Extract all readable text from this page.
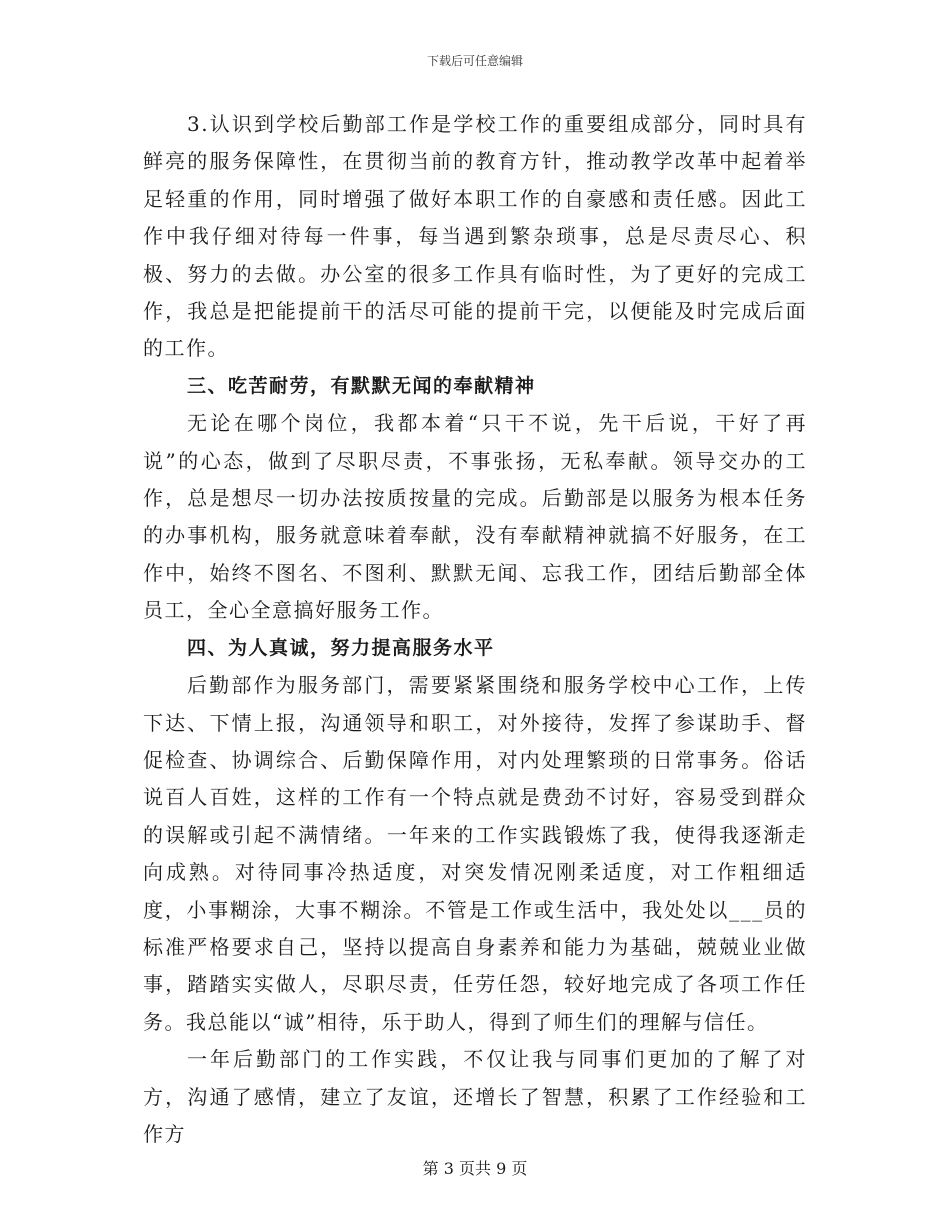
下载后可任意编辑

3.认识到学校后勤部工作是学校工作的重要组成部分，同时具有鲜亮的服务保障性，在贯彻当前的教育方针，推动教学改革中起着举足轻重的作用，同时增强了做好本职工作的自豪感和责任感。因此工作中我仔细对待每一件事，每当遇到繁杂琐事，总是尽责尽心、积极、努力的去做。办公室的很多工作具有临时性，为了更好的完成工作，我总是把能提前干的活尽可能的提前干完，以便能及时完成后面的工作。

三、吃苦耐劳，有默默无闻的奉献精神

无论在哪个岗位，我都本着“只干不说，先干后说，干好了再说”的心态，做到了尽职尽责，不事张扬，无私奉献。领导交办的工作，总是想尽一切办法按质按量的完成。后勤部是以服务为根本任务的办事机构，服务就意味着奉献，没有奉献精神就搞不好服务，在工作中，始终不图名、不图利、默默无闻、忘我工作，团结后勤部全体员工，全心全意搞好服务工作。

四、为人真诚，努力提高服务水平

后勤部作为服务部门，需要紧紧围绕和服务学校中心工作，上传下达、下情上报，沟通领导和职工，对外接待，发挥了参谋助手、督促检查、协调综合、后勤保障作用，对内处理繁琐的日常事务。俗话说百人百姓，这样的工作有一个特点就是费劲不讨好，容易受到群众的误解或引起不满情绪。一年来的工作实践锻炼了我，使得我逐渐走向成熟。对待同事冷热适度，对突发情况刚柔适度，对工作粗细适度，小事糊涂，大事不糊涂。不管是工作或生活中，我处处以___员的标准严格要求自己，坚持以提高自身素养和能力为基础，兢兢业业做事，踏踏实实做人，尽职尽责，任劳任怨，较好地完成了各项工作任务。我总能以“诚”相待，乐于助人，得到了师生们的理解与信任。

一年后勤部门的工作实践，不仅让我与同事们更加的了解了对方，沟通了感情，建立了友谊，还增长了智慧，积累了工作经验和工作方

第 3 页共 9 页
